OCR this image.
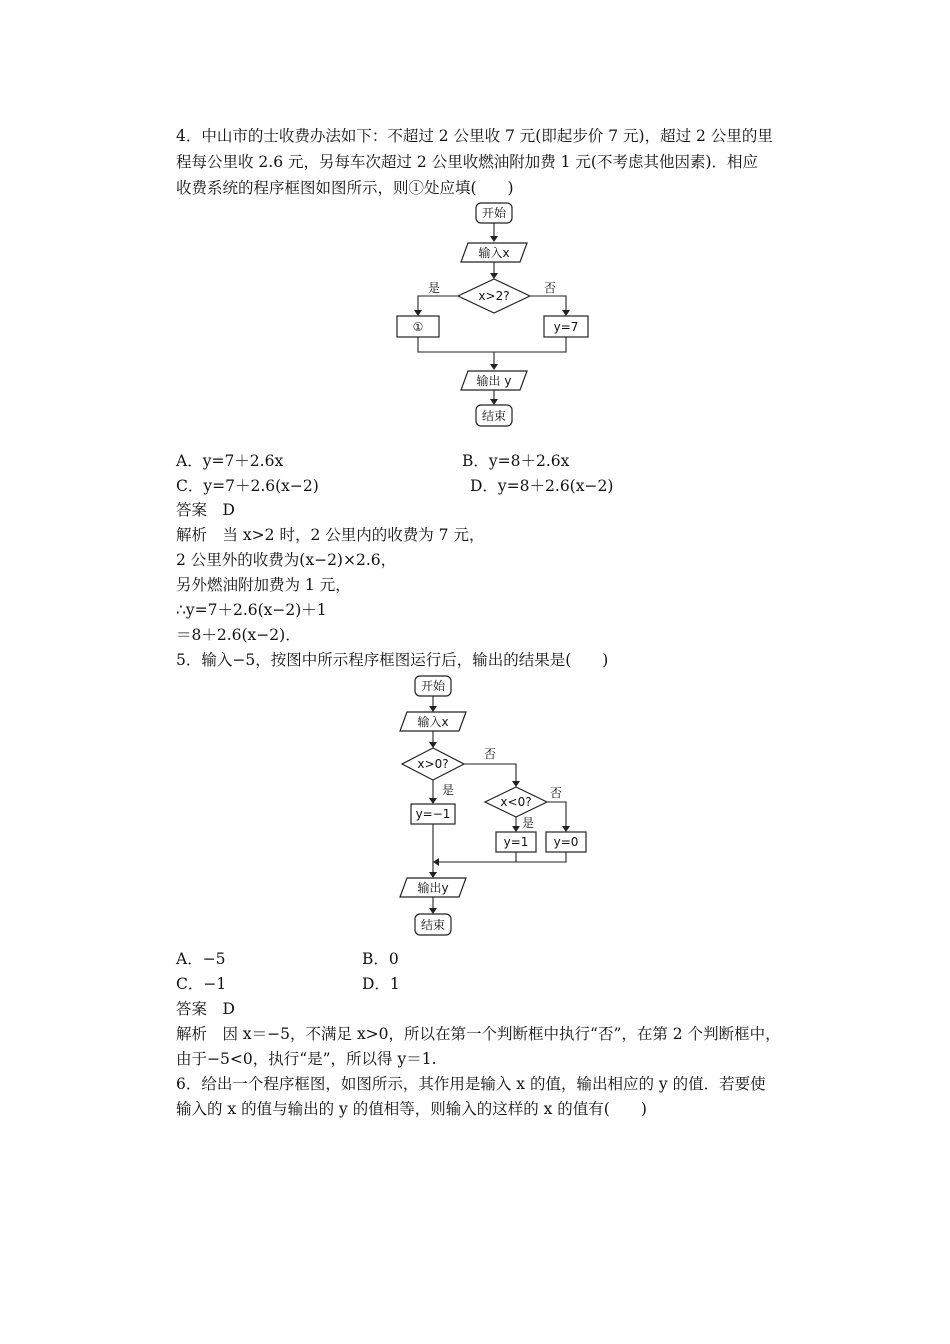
4．中山市的士收费办法如下：不超过 2 公里收 7 元(即起步价 7 元)，超过 2 公里的里
程每公里收 2.6 元，另每车次超过 2 公里收燃油附加费 1 元(不考虑其他因素)．相应
收费系统的程序框图如图所示，则①处应填(　　)
开始
输入x
x>2?
是	否
①	y=7
输出 y
结束
A．y=7＋2.6x	B．y=8＋2.6x
C．y=7＋2.6(x−2)	D．y=8＋2.6(x−2)
答案　D
解析　当 x>2 时，2 公里内的收费为 7 元，
2 公里外的收费为(x−2)×2.6，
另外燃油附加费为 1 元，
∴y=7＋2.6(x−2)＋1
＝8＋2.6(x−2)．
5．输入−5，按图中所示程序框图运行后，输出的结果是(　　)
开始
输入x
x>0?
否
是
y=−1
x<0?
否
是
y=1 y=0
输出y
结束
A．−5	B．0
C．−1	D．1
答案　D
解析　因 x＝−5，不满足 x>0，所以在第一个判断框中执行“否”，在第 2 个判断框中，
由于−5<0，执行“是”，所以得 y＝1.
6．给出一个程序框图，如图所示，其作用是输入 x 的值，输出相应的 y 的值．若要使
输入的 x 的值与输出的 y 的值相等，则输入的这样的 x 的值有(　　)
